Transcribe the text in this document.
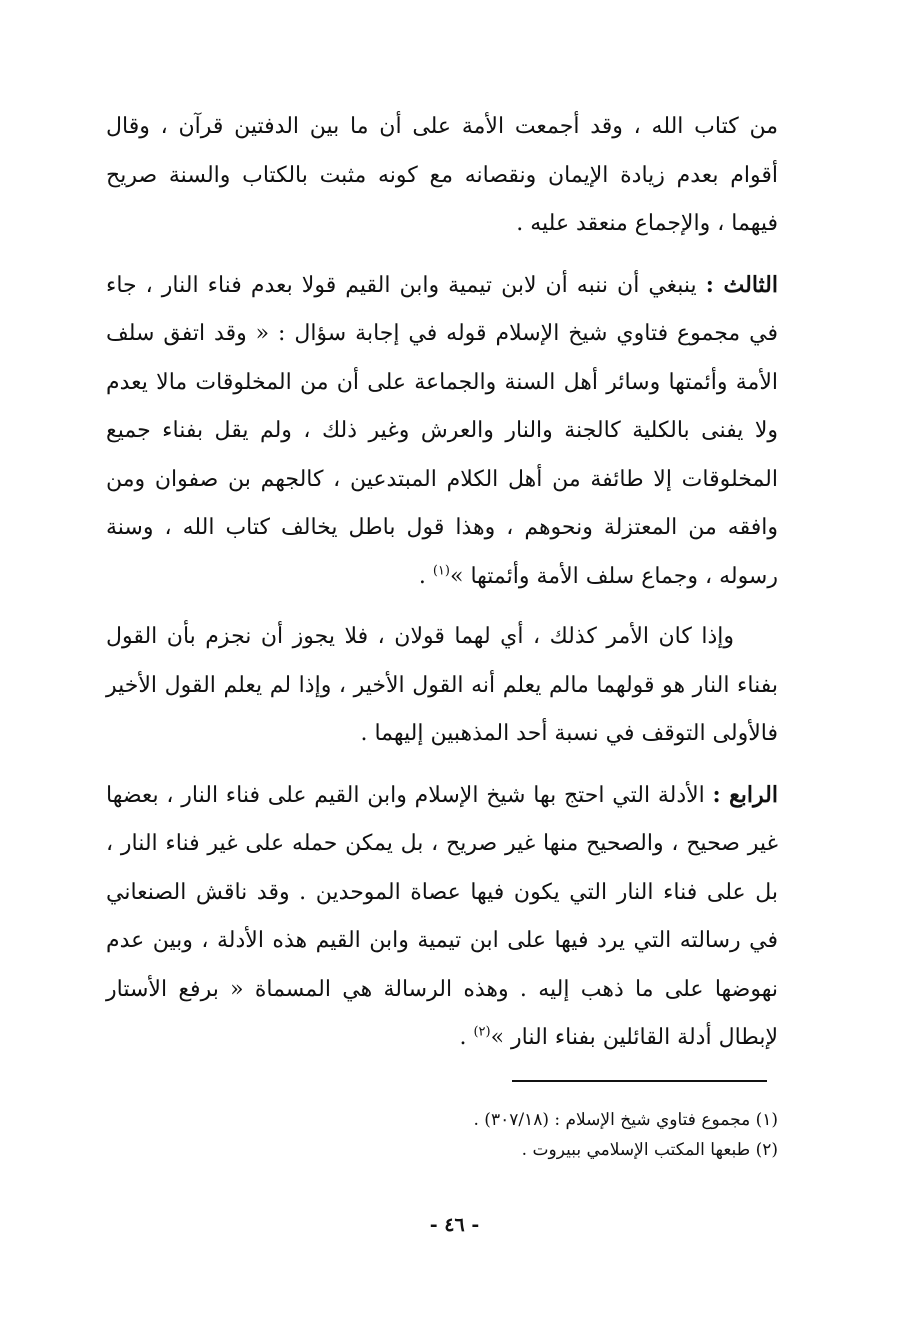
من كتاب الله ، وقد أجمعت الأمة على أن ما بين الدفتين قرآن ، وقال أقوام بعدم زيادة الإيمان ونقصانه مع كونه مثبت بالكتاب والسنة صريح فيهما ، والإجماع منعقد عليه .

الثالث : ينبغي أن ننبه أن لابن تيمية وابن القيم قولا بعدم فناء النار ، جاء في مجموع فتاوي شيخ الإسلام قوله في إجابة سؤال : « وقد اتفق سلف الأمة وأئمتها وسائر أهل السنة والجماعة على أن من المخلوقات مالا يعدم ولا يفنى بالكلية كالجنة والنار والعرش وغير ذلك ، ولم يقل بفناء جميع المخلوقات إلا طائفة من أهل الكلام المبتدعين ، كالجهم بن صفوان ومن وافقه من المعتزلة ونحوهم ، وهذا قول باطل يخالف كتاب الله ، وسنة رسوله ، وجماع سلف الأمة وأئمتها »$^{(١)}$ .

وإذا كان الأمر كذلك ، أي لهما قولان ، فلا يجوز أن نجزم بأن القول بفناء النار هو قولهما مالم يعلم أنه القول الأخير ، وإذا لم يعلم القول الأخير فالأولى التوقف في نسبة أحد المذهبين إليهما .

الرابع : الأدلة التي احتج بها شيخ الإسلام وابن القيم على فناء النار ، بعضها غير صحيح ، والصحيح منها غير صريح ، بل يمكن حمله على غير فناء النار ، بل على فناء النار التي يكون فيها عصاة الموحدين . وقد ناقش الصنعاني في رسالته التي يرد فيها على ابن تيمية وابن القيم هذه الأدلة ، وبين عدم نهوضها على ما ذهب إليه . وهذه الرسالة هي المسماة « برفع الأستار لإبطال أدلة القائلين بفناء النار »$^{(٢)}$ .

(١) مجموع فتاوي شيخ الإسلام : (٣٠٧/١٨) .

(٢) طبعها المكتب الإسلامي ببيروت .

- ٤٦ -
